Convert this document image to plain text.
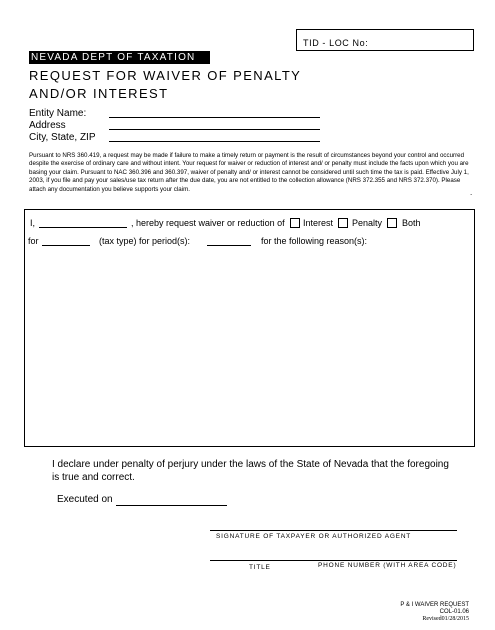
NEVADA DEPT OF TAXATION
TID - LOC No:
REQUEST FOR WAIVER OF PENALTY
AND/OR INTEREST
Entity Name:
Address
City, State, ZIP
Pursuant to NRS 360.419, a request may be made if failure to make a timely return or payment is the result of circumstances beyond your control and occurred despite the exercise of ordinary care and without intent. Your request for waiver or reduction of interest and/ or penalty must include the facts upon which you are basing your claim. Pursuant to NAC 360.396 and 360.397, waiver of penalty and/ or interest cannot be considered until such time the tax is paid. Effective July 1, 2003, if you file and pay your sales/use tax return after the due date, you are not entitled to the collection allowance (NRS 372.355 and NRS 372.370). Please attach any documentation you believe supports your claim.	.
I,	, hereby request waiver or reduction of Interest Penalty Both
for	(tax type) for period(s):	for the following reason(s):
I declare under penalty of perjury under the laws of the State of Nevada that the foregoing
is true and correct.
Executed on
SIGNATURE OF TAXPAYER OR AUTHORIZED AGENT
TITLE	PHONE NUMBER (WITH AREA CODE)
P & I WAIVER REQUEST
COL-01.06
Revised01/28/2015
